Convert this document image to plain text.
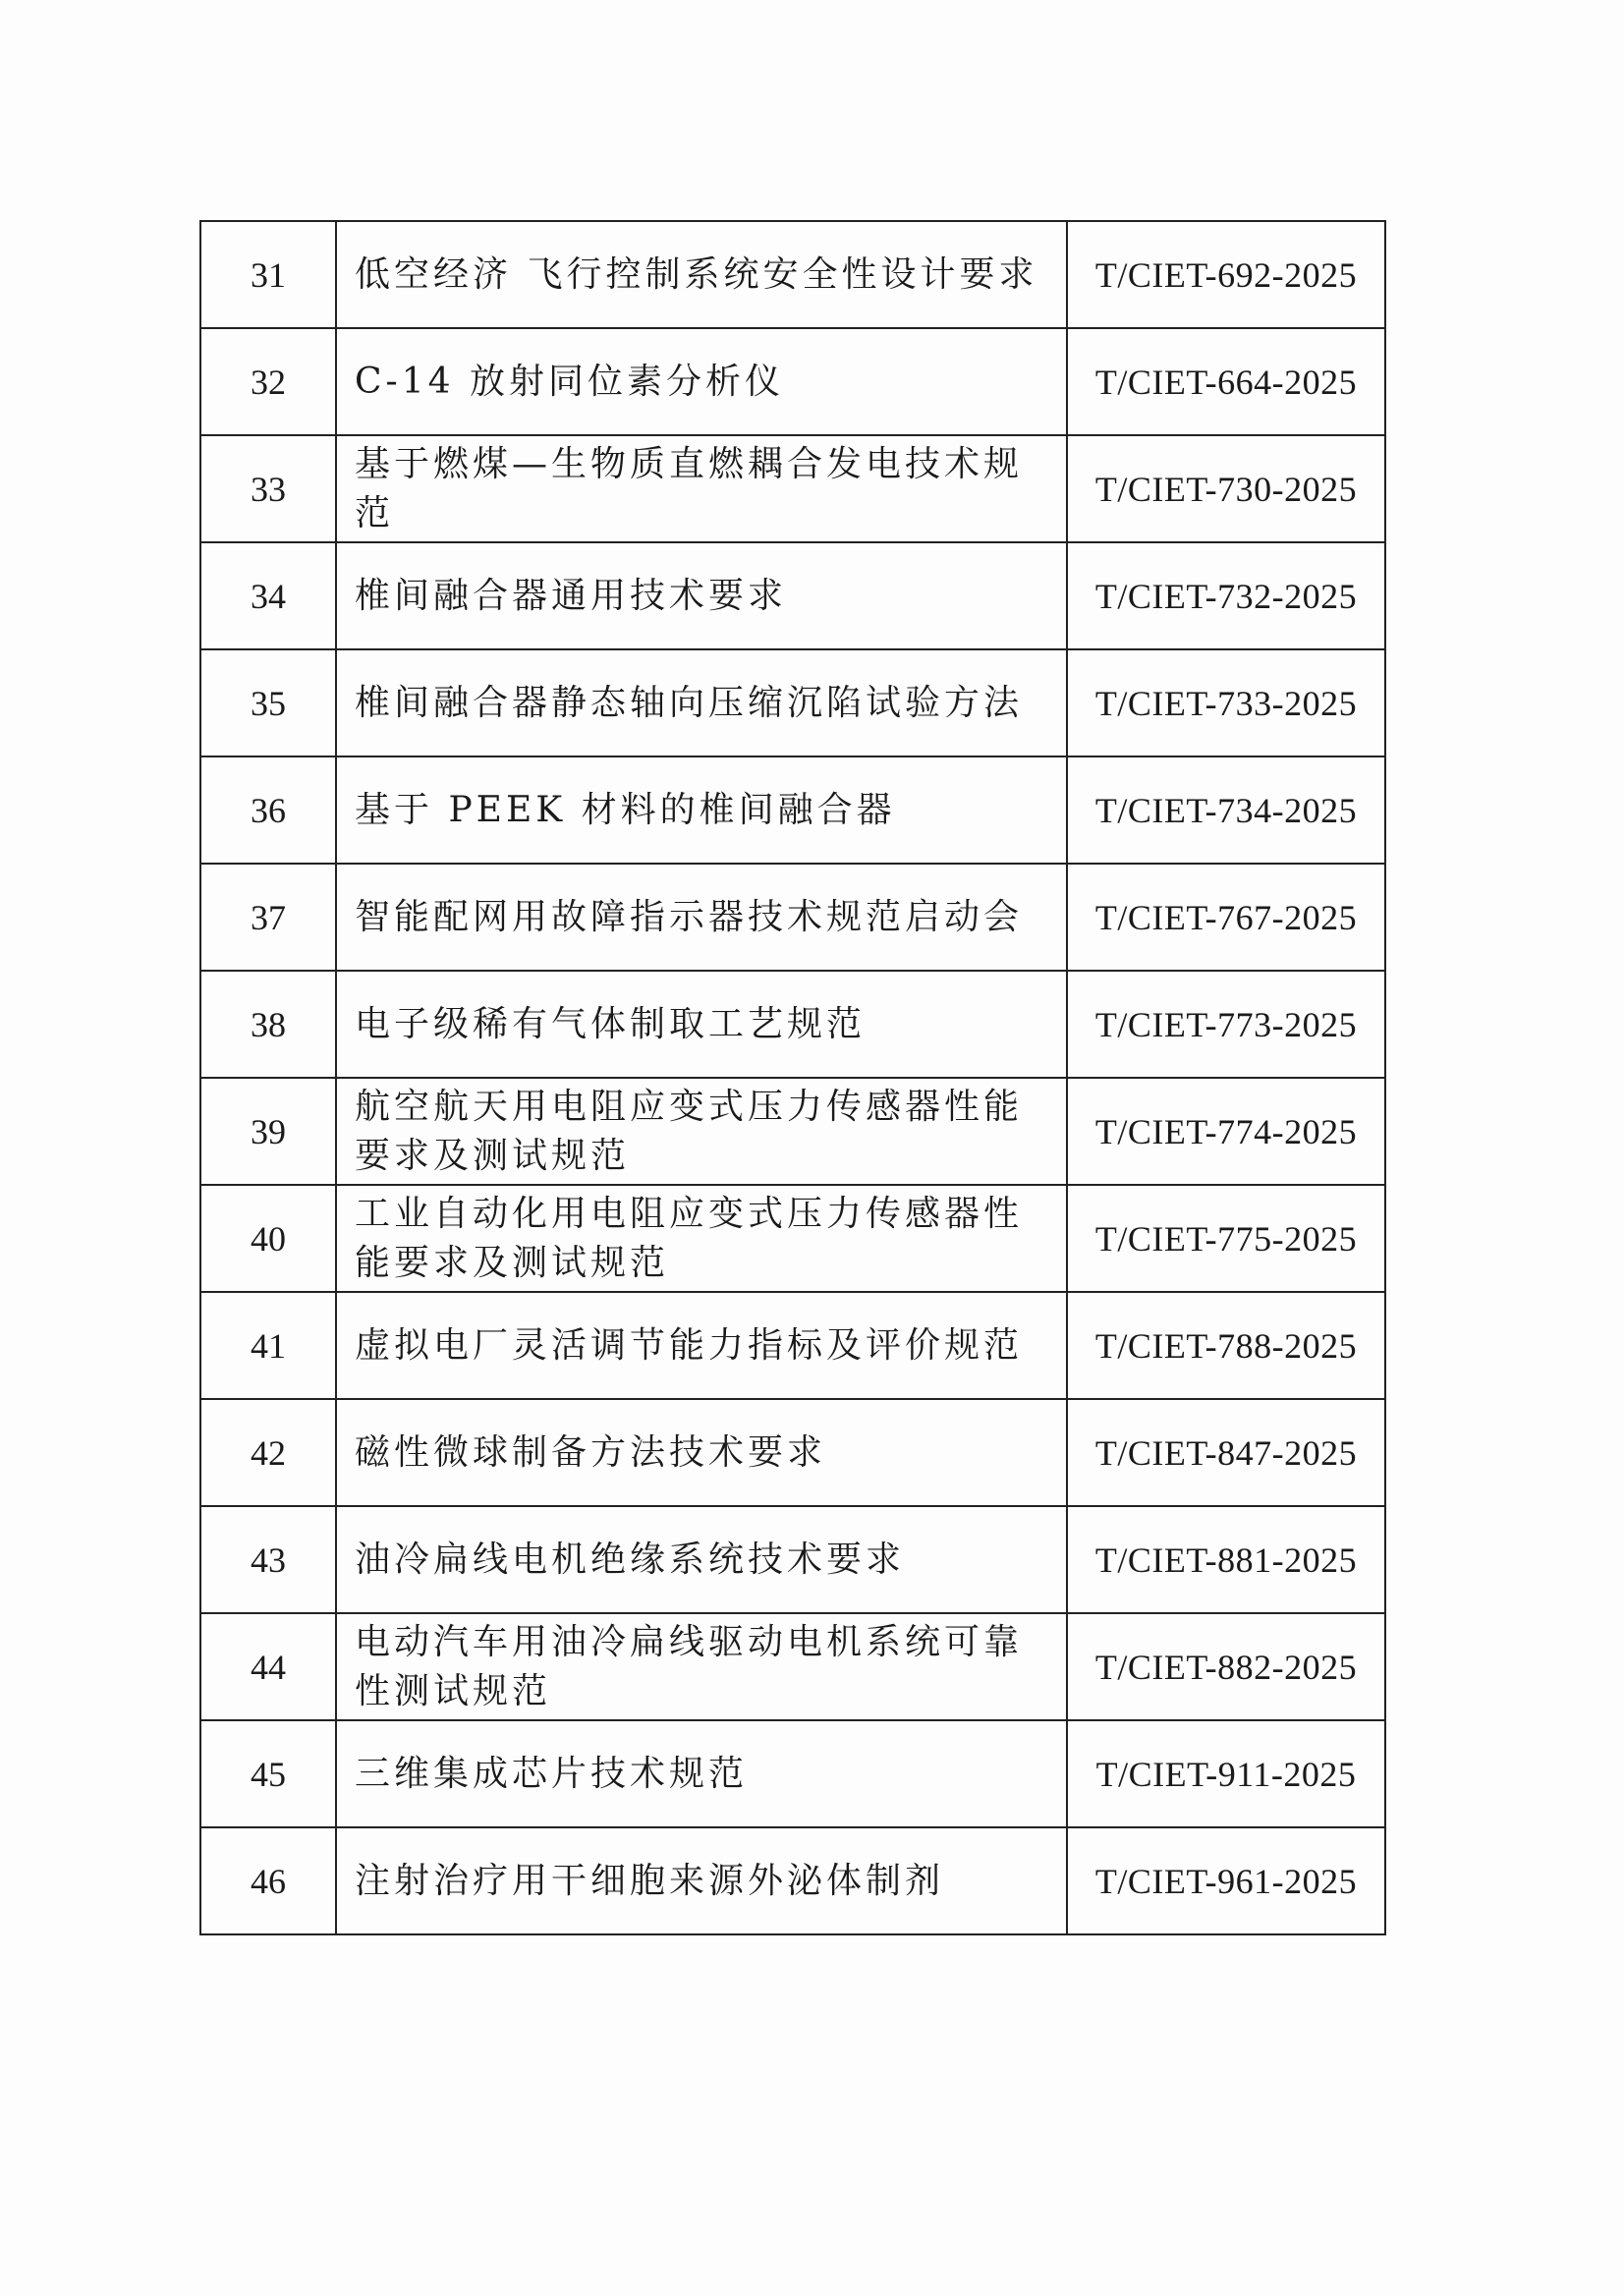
31	低空经济 飞行控制系统安全性设计要求	T/CIET-692-2025
32	C-14 放射同位素分析仪	T/CIET-664-2025
33	基于燃煤—生物质直燃耦合发电技术规范	T/CIET-730-2025
34	椎间融合器通用技术要求	T/CIET-732-2025
35	椎间融合器静态轴向压缩沉陷试验方法	T/CIET-733-2025
36	基于 PEEK 材料的椎间融合器	T/CIET-734-2025
37	智能配网用故障指示器技术规范启动会	T/CIET-767-2025
38	电子级稀有气体制取工艺规范	T/CIET-773-2025
39	航空航天用电阻应变式压力传感器性能要求及测试规范	T/CIET-774-2025
40	工业自动化用电阻应变式压力传感器性能要求及测试规范	T/CIET-775-2025
41	虚拟电厂灵活调节能力指标及评价规范	T/CIET-788-2025
42	磁性微球制备方法技术要求	T/CIET-847-2025
43	油冷扁线电机绝缘系统技术要求	T/CIET-881-2025
44	电动汽车用油冷扁线驱动电机系统可靠性测试规范	T/CIET-882-2025
45	三维集成芯片技术规范	T/CIET-911-2025
46	注射治疗用干细胞来源外泌体制剂	T/CIET-961-2025
